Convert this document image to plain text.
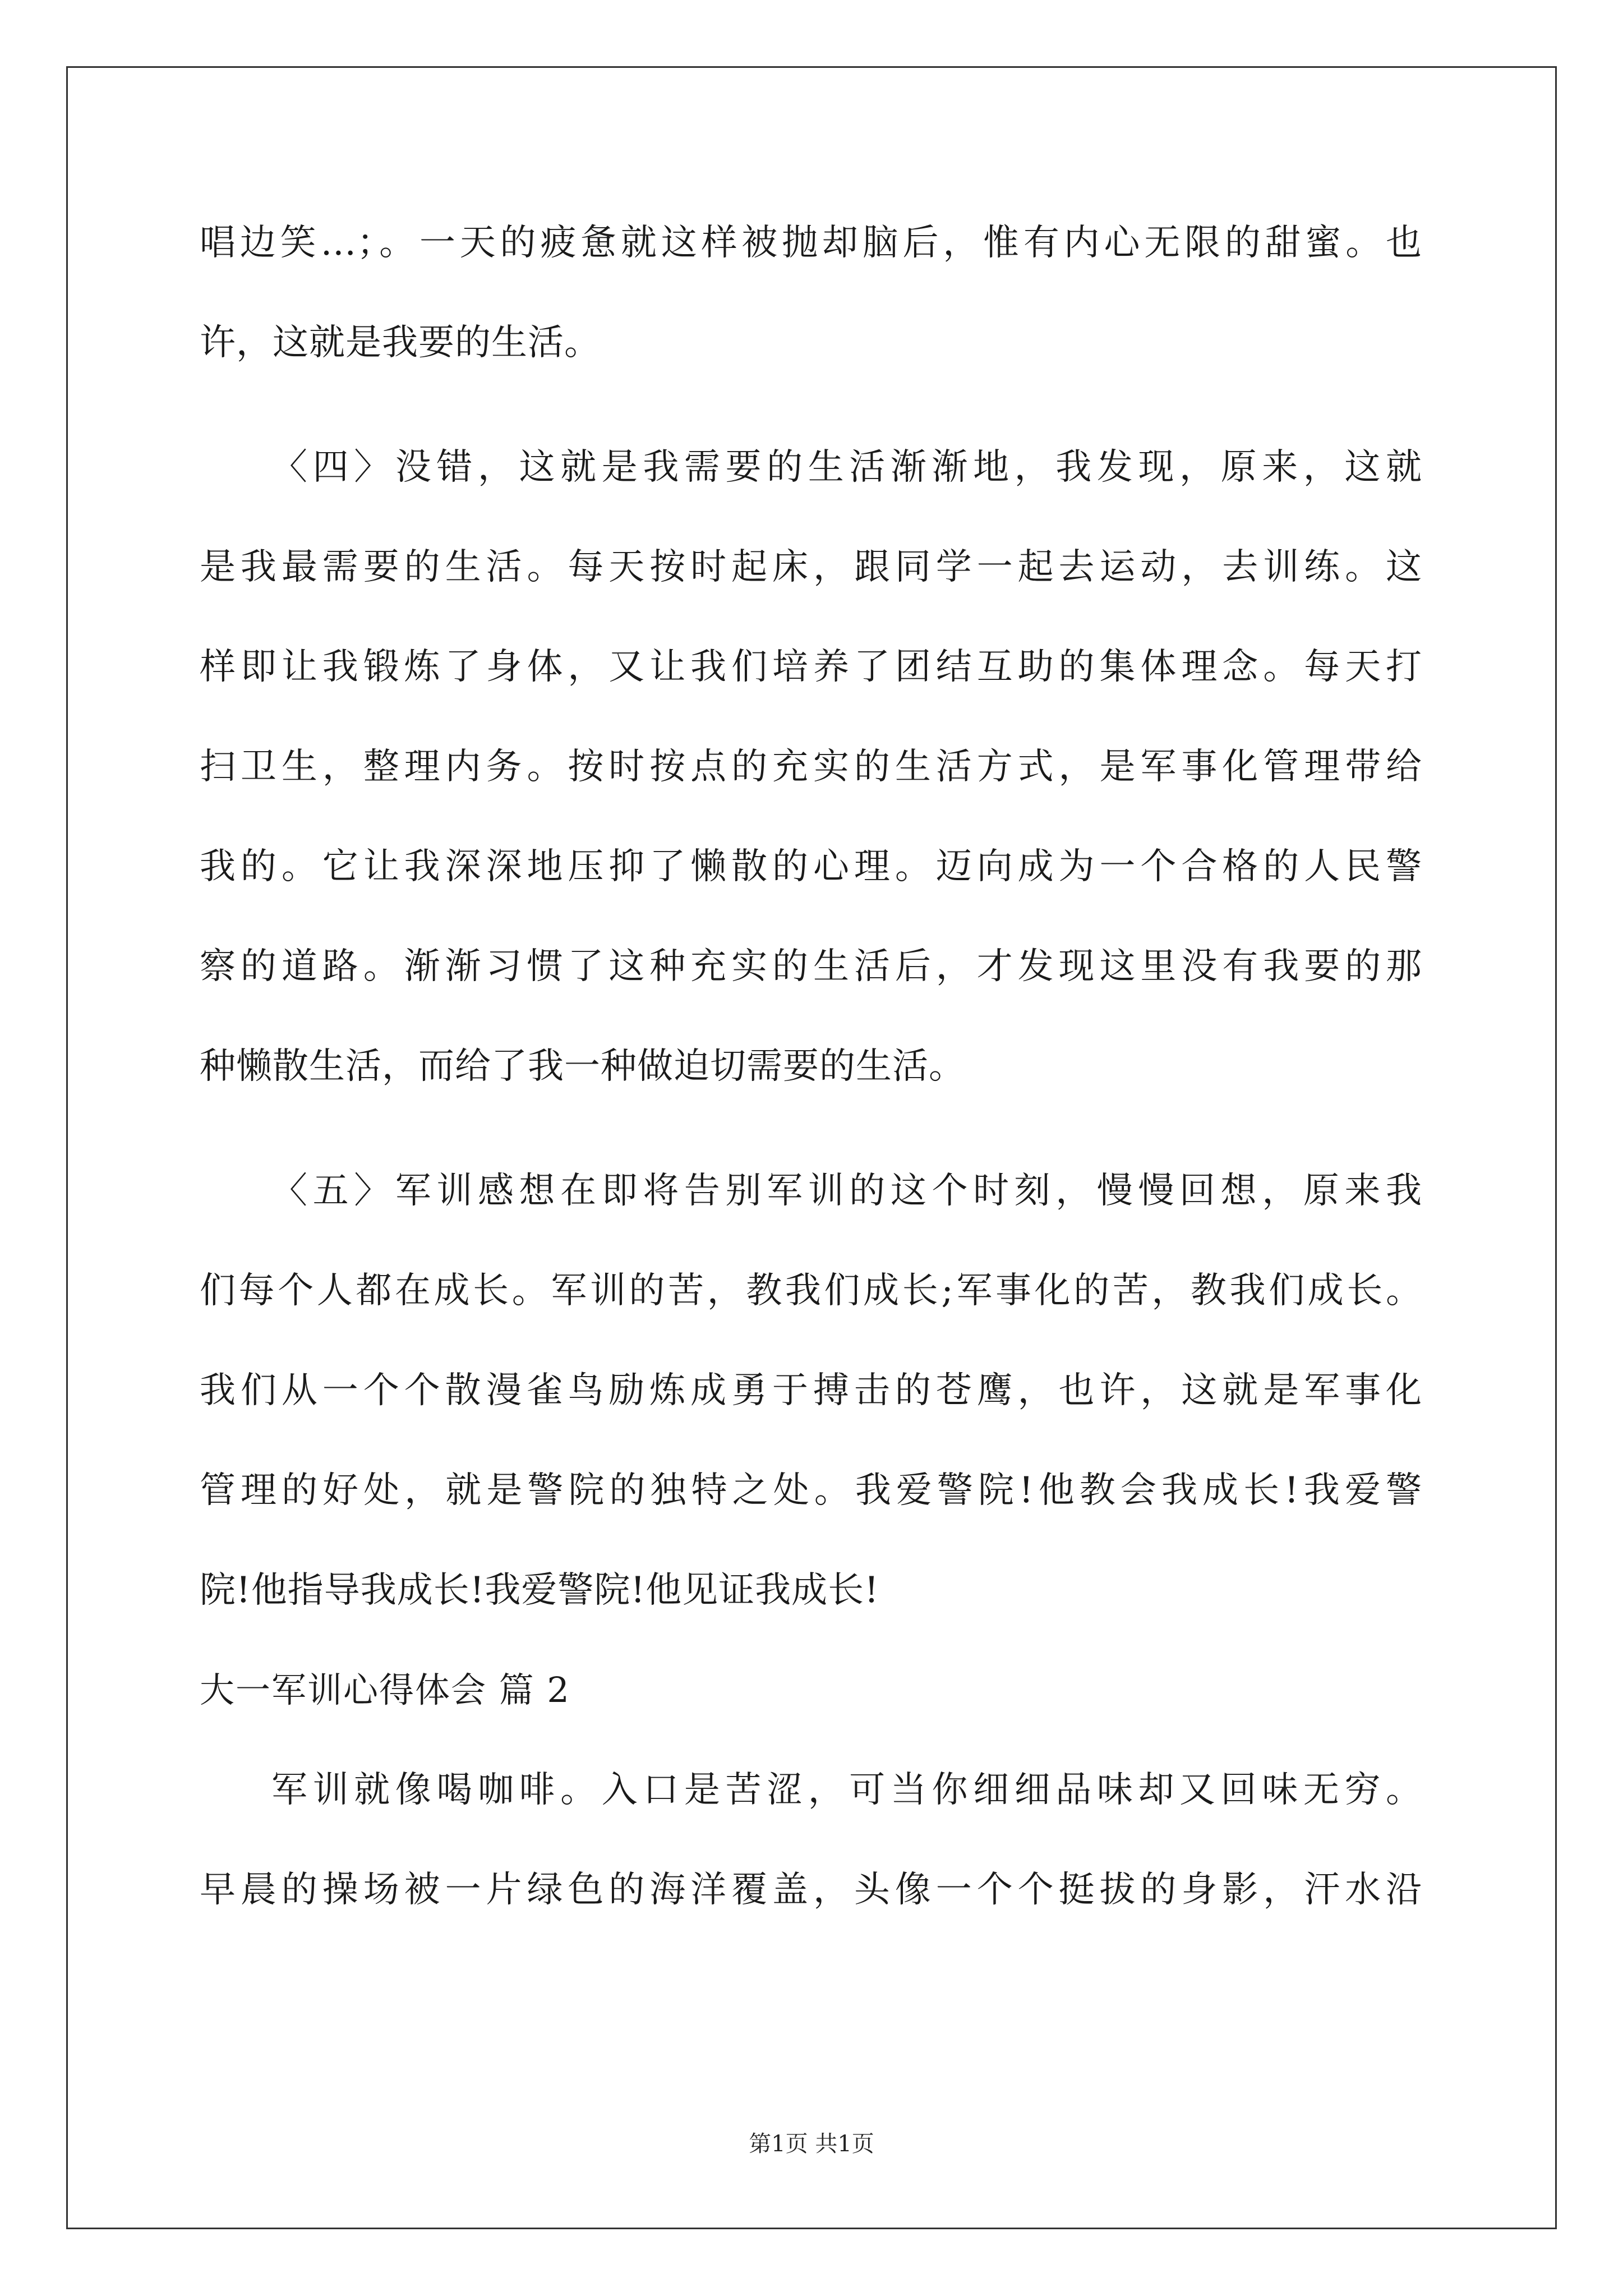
唱边笑…；。一天的疲惫就这样被抛却脑后，惟有内心无限的甜蜜。也
许，这就是我要的生活。
〈四〉没错，这就是我需要的生活渐渐地，我发现，原来，这就
是我最需要的生活。每天按时起床，跟同学一起去运动，去训练。这
样即让我锻炼了身体，又让我们培养了团结互助的集体理念。每天打
扫卫生，整理内务。按时按点的充实的生活方式，是军事化管理带给
我的。它让我深深地压抑了懒散的心理。迈向成为一个合格的人民警
察的道路。渐渐习惯了这种充实的生活后，才发现这里没有我要的那
种懒散生活，而给了我一种做迫切需要的生活。
〈五〉军训感想在即将告别军训的这个时刻，慢慢回想，原来我
们每个人都在成长。军训的苦，教我们成长;军事化的苦，教我们成长。
我们从一个个散漫雀鸟励炼成勇于搏击的苍鹰，也许，这就是军事化
管理的好处，就是警院的独特之处。我爱警院!他教会我成长!我爱警
院!他指导我成长!我爱警院!他见证我成长!
大一军训心得体会 篇 2
军训就像喝咖啡。入口是苦涩，可当你细细品味却又回味无穷。
早晨的操场被一片绿色的海洋覆盖，头像一个个挺拔的身影，汗水沿
第1页 共1页
